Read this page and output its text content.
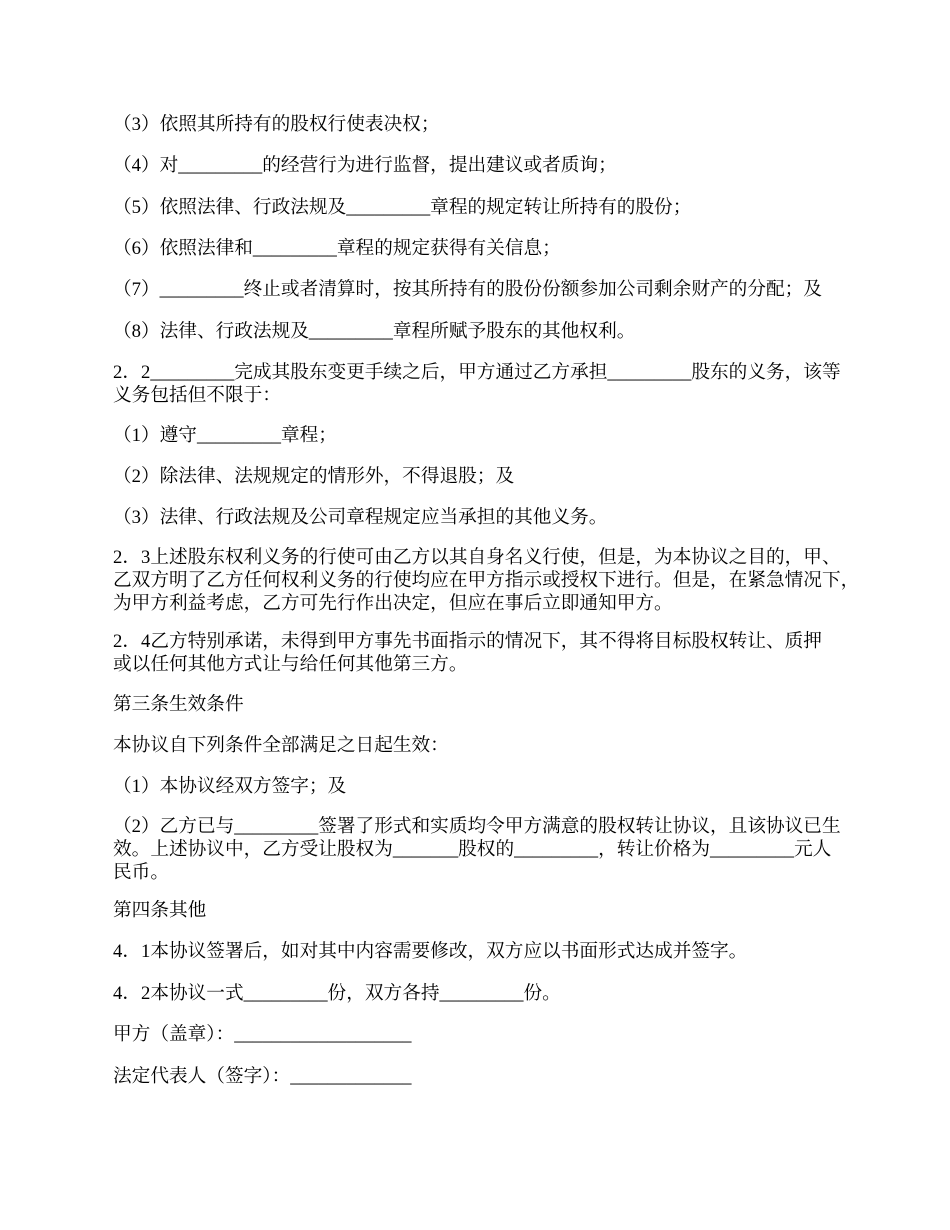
（3）依照其所持有的股权行使表决权；
（4）对_________的经营行为进行监督，提出建议或者质询；
（5）依照法律、行政法规及_________章程的规定转让所持有的股份；
（6）依照法律和_________章程的规定获得有关信息；
（7）_________终止或者清算时，按其所持有的股份份额参加公司剩余财产的分配；及
（8）法律、行政法规及_________章程所赋予股东的其他权利。
2．2_________完成其股东变更手续之后，甲方通过乙方承担_________股东的义务，该等
义务包括但不限于：
（1）遵守_________章程；
（2）除法律、法规规定的情形外，不得退股；及
（3）法律、行政法规及公司章程规定应当承担的其他义务。
2．3上述股东权利义务的行使可由乙方以其自身名义行使，但是，为本协议之目的，甲、
乙双方明了乙方任何权利义务的行使均应在甲方指示或授权下进行。但是，在紧急情况下，
为甲方利益考虑，乙方可先行作出决定，但应在事后立即通知甲方。
2．4乙方特别承诺，未得到甲方事先书面指示的情况下，其不得将目标股权转让、质押
或以任何其他方式让与给任何其他第三方。
第三条生效条件
本协议自下列条件全部满足之日起生效：
（1）本协议经双方签字；及
（2）乙方已与_________签署了形式和实质均令甲方满意的股权转让协议，且该协议已生
效。上述协议中，乙方受让股权为_______股权的_________，转让价格为_________元人
民币。
第四条其他
4．1本协议签署后，如对其中内容需要修改，双方应以书面形式达成并签字。
4．2本协议一式_________份，双方各持_________份。
甲方（盖章）：___________________
法定代表人（签字）：_____________
